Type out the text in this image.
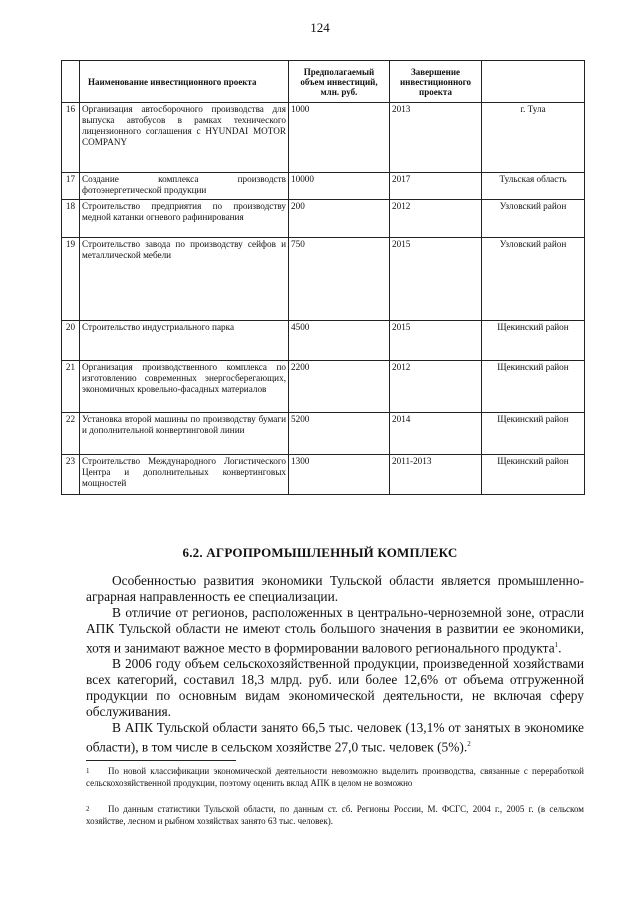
124
	Наименование инвестиционного проекта	Предполагаемый объем инвестиций, млн. руб.	Завершение инвестиционного проекта	
16	Организация автосборочного производства для выпуска автобусов в рамках технического лицензионного соглашения с HYUNDAI MOTOR COMPANY	1000	2013	г. Тула
17	Создание комплекса производств фотоэнергетической продукции	10000	2017	Тульская область
18	Строительство предприятия по производству медной катанки огневого рафинирования	200	2012	Узловский район
19	Строительство завода по производству сейфов и металлической мебели	750	2015	Узловский район
20	Строительство индустриального парка	4500	2015	Щекинский район
21	Организация производственного комплекса по изготовлению современных энергосберегающих, экономичных кровельно-фасадных материалов	2200	2012	Щекинский район
22	Установка второй машины по производству бумаги и дополнительной конвертинговой линии	5200	2014	Щекинский район
23	Строительство Международного Логистического Центра и дополнительных конвертинговых мощностей	1300	2011-2013	Щекинский район
6.2. АГРОПРОМЫШЛЕННЫЙ КОМПЛЕКС

Особенностью развития экономики Тульской области является промышленно-аграрная направленность ее специализации.

В отличие от регионов, расположенных в центрально-черноземной зоне, отрасли АПК Тульской области не имеют столь большого значения в развитии ее экономики, хотя и занимают важное место в формировании валового регионального продукта$^1$.

В 2006 году объем сельскохозяйственной продукции, произведенной хозяйствами всех категорий, составил 18,3 млрд. руб. или более 12,6% от объема отгруженной продукции по основным видам экономической деятельности, не включая сферу обслуживания.

В АПК Тульской области занято 66,5 тыс. человек (13,1% от занятых в экономике области), в том числе в сельском хозяйстве 27,0 тыс. человек (5%).$^2$

$^1$ По новой классификации экономической деятельности невозможно выделить производства, связанные с переработкой сельскохозяйственной продукции, поэтому оценить вклад АПК в целом не возможно

$^2$ По данным статистики Тульской области, по данным ст. сб. Регионы России, М. ФСГС, 2004 г., 2005 г. (в сельском хозяйстве, лесном и рыбном хозяйствах занято 63 тыс. человек).
